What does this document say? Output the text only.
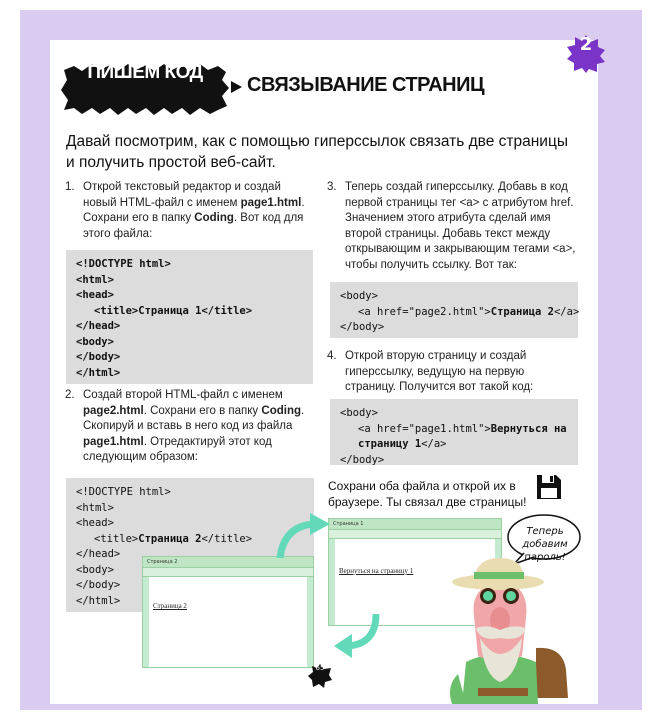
2
ПИШЕМ КОД
СВЯЗЫВАНИЕ СТРАНИЦ
Давай посмотрим, как с помощью гиперссылок связать две страницы и получить простой веб-сайт.
1. Открой текстовый редактор и создай новый HTML-файл с именем page1.html. Сохрани его в папку Coding. Вот код для этого файла:
<!DOCTYPE html>
<html>
<head>
<title>Страница 1</title>
</head>
<body>
</body>
</html>
2. Создай второй HTML-файл с именем page2.html. Сохрани его в папку Coding. Скопируй и вставь в него код из файла page1.html. Отредактируй этот код следующим образом:
<!DOCTYPE html>
<html>
<head>
<title>Страница 2</title>
</head>
<body>
</body>
</html>
3. Теперь создай гиперссылку. Добавь в код первой страницы тег <a> с атрибутом href. Значением этого атрибута сделай имя второй страницы. Добавь текст между открывающим и закрывающим тегами <a>, чтобы получить ссылку. Вот так:
<body>
<a href="page2.html">Страница 2</a>
</body>
4. Открой вторую страницу и создай гиперссылку, ведущую на первую страницу. Получится вот такой код:
<body>
<a href="page1.html">Вернуться на
страницу 1</a>
</body>
Сохрани оба файла и открой их в браузере. Ты связал две страницы!
Страница 2
Страница 2
Страница 1
Вернуться на страницу 1
Теперь добавим пароль!
65
